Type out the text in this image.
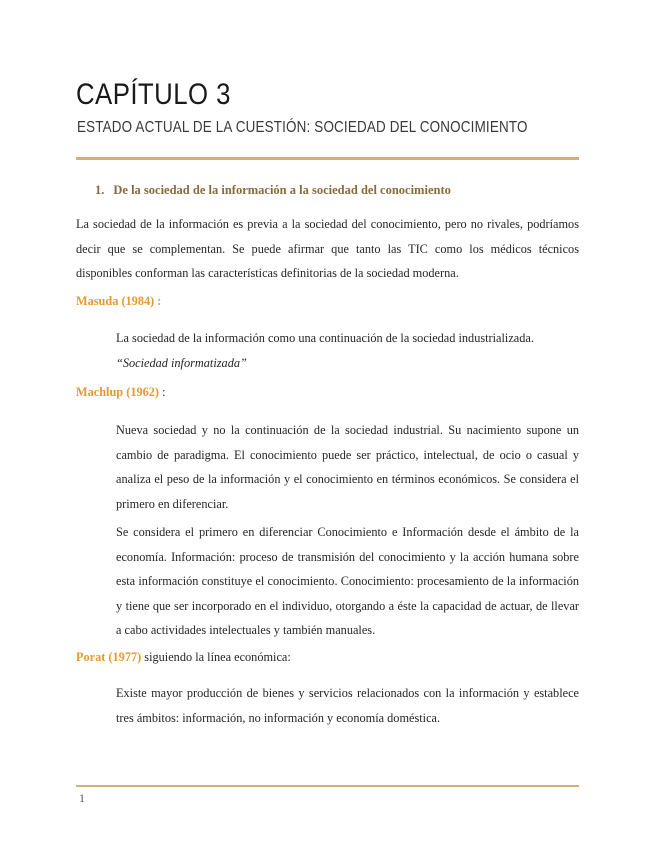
CAPÍTULO 3
ESTADO ACTUAL DE LA CUESTIÓN: SOCIEDAD DEL CONOCIMIENTO
1. De la sociedad de la información a la sociedad del conocimiento
La sociedad de la información es previa a la sociedad del conocimiento, pero no rivales, podríamos decir que se complementan. Se puede afirmar que tanto las TIC como los médicos técnicos disponibles conforman las características definitorias de la sociedad moderna.
Masuda (1984) :
La sociedad de la información como una continuación de la sociedad industrializada.
“Sociedad informatizada”
Machlup (1962) :
Nueva sociedad y no la continuación de la sociedad industrial. Su nacimiento supone un cambio de paradigma. El conocimiento puede ser práctico, intelectual, de ocio o casual y analiza el peso de la información y el conocimiento en términos económicos. Se considera el primero en diferenciar.
Se considera el primero en diferenciar Conocimiento e Información desde el ámbito de la economía. Información: proceso de transmisión del conocimiento y la acción humana sobre esta información constituye el conocimiento. Conocimiento: procesamiento de la información y tiene que ser incorporado en el individuo, otorgando a éste la capacidad de actuar, de llevar a cabo actividades intelectuales y también manuales.
Porat (1977) siguiendo la línea económica:
Existe mayor producción de bienes y servicios relacionados con la información y establece tres ámbitos: información, no información y economía doméstica.
1
